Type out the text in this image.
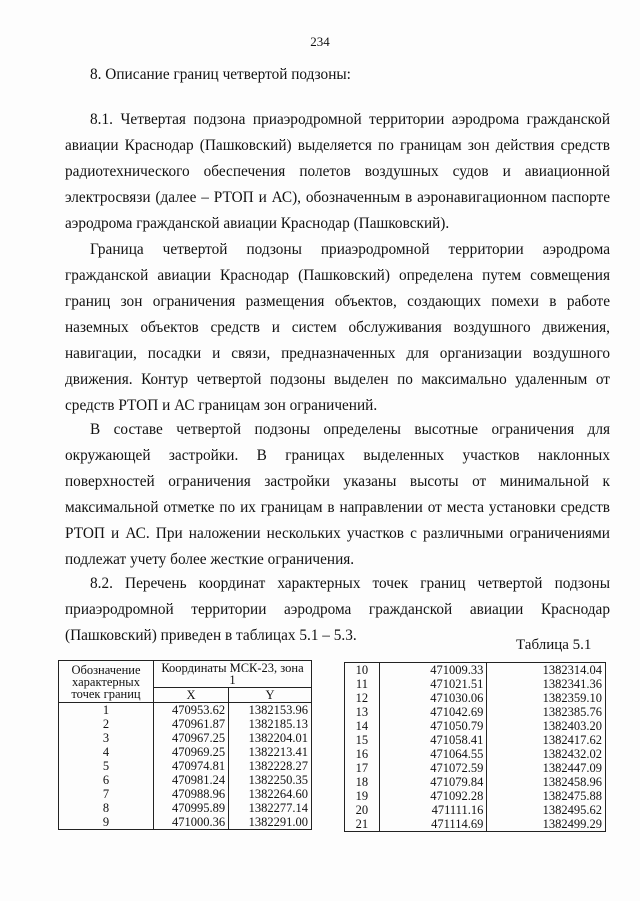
234
8. Описание границ четвертой подзоны:

8.1. Четвертая подзона приаэродромной территории аэродрома гражданской авиации Краснодар (Пашковский) выделяется по границам зон действия средств радиотехнического обеспечения полетов воздушных судов и авиационной электросвязи (далее – РТОП и АС), обозначенным в аэронавигационном паспорте аэродрома гражданской авиации Краснодар (Пашковский).

Граница четвертой подзоны приаэродромной территории аэродрома гражданской авиации Краснодар (Пашковский) определена путем совмещения границ зон ограничения размещения объектов, создающих помехи в работе наземных объектов средств и систем обслуживания воздушного движения, навигации, посадки и связи, предназначенных для организации воздушного движения. Контур четвертой подзоны выделен по максимально удаленным от средств РТОП и АС границам зон ограничений.

В составе четвертой подзоны определены высотные ограничения для окружающей застройки. В границах выделенных участков наклонных поверхностей ограничения застройки указаны высоты от минимальной к максимальной отметке по их границам в направлении от места установки средств РТОП и АС. При наложении нескольких участков с различными ограничениями подлежат учету более жесткие ограничения.

8.2. Перечень координат характерных точек границ четвертой подзоны приаэродромной территории аэродрома гражданской авиации Краснодар (Пашковский) приведен в таблицах 5.1 – 5.3.

Таблица 5.1
Обозначение характерных точек границ	Координаты МСК-23, зона 1	
	X	Y
1	470953.62	1382153.96
2	470961.87	1382185.13
3	470967.25	1382204.01
4	470969.25	1382213.41
5	470974.81	1382228.27
6	470981.24	1382250.35
7	470988.96	1382264.60
8	470995.89	1382277.14
9	471000.36	1382291.00
10	471009.33	1382314.04
11	471021.51	1382341.36
12	471030.06	1382359.10
13	471042.69	1382385.76
14	471050.79	1382403.20
15	471058.41	1382417.62
16	471064.55	1382432.02
17	471072.59	1382447.09
18	471079.84	1382458.96
19	471092.28	1382475.88
20	471111.16	1382495.62
21	471114.69	1382499.29
